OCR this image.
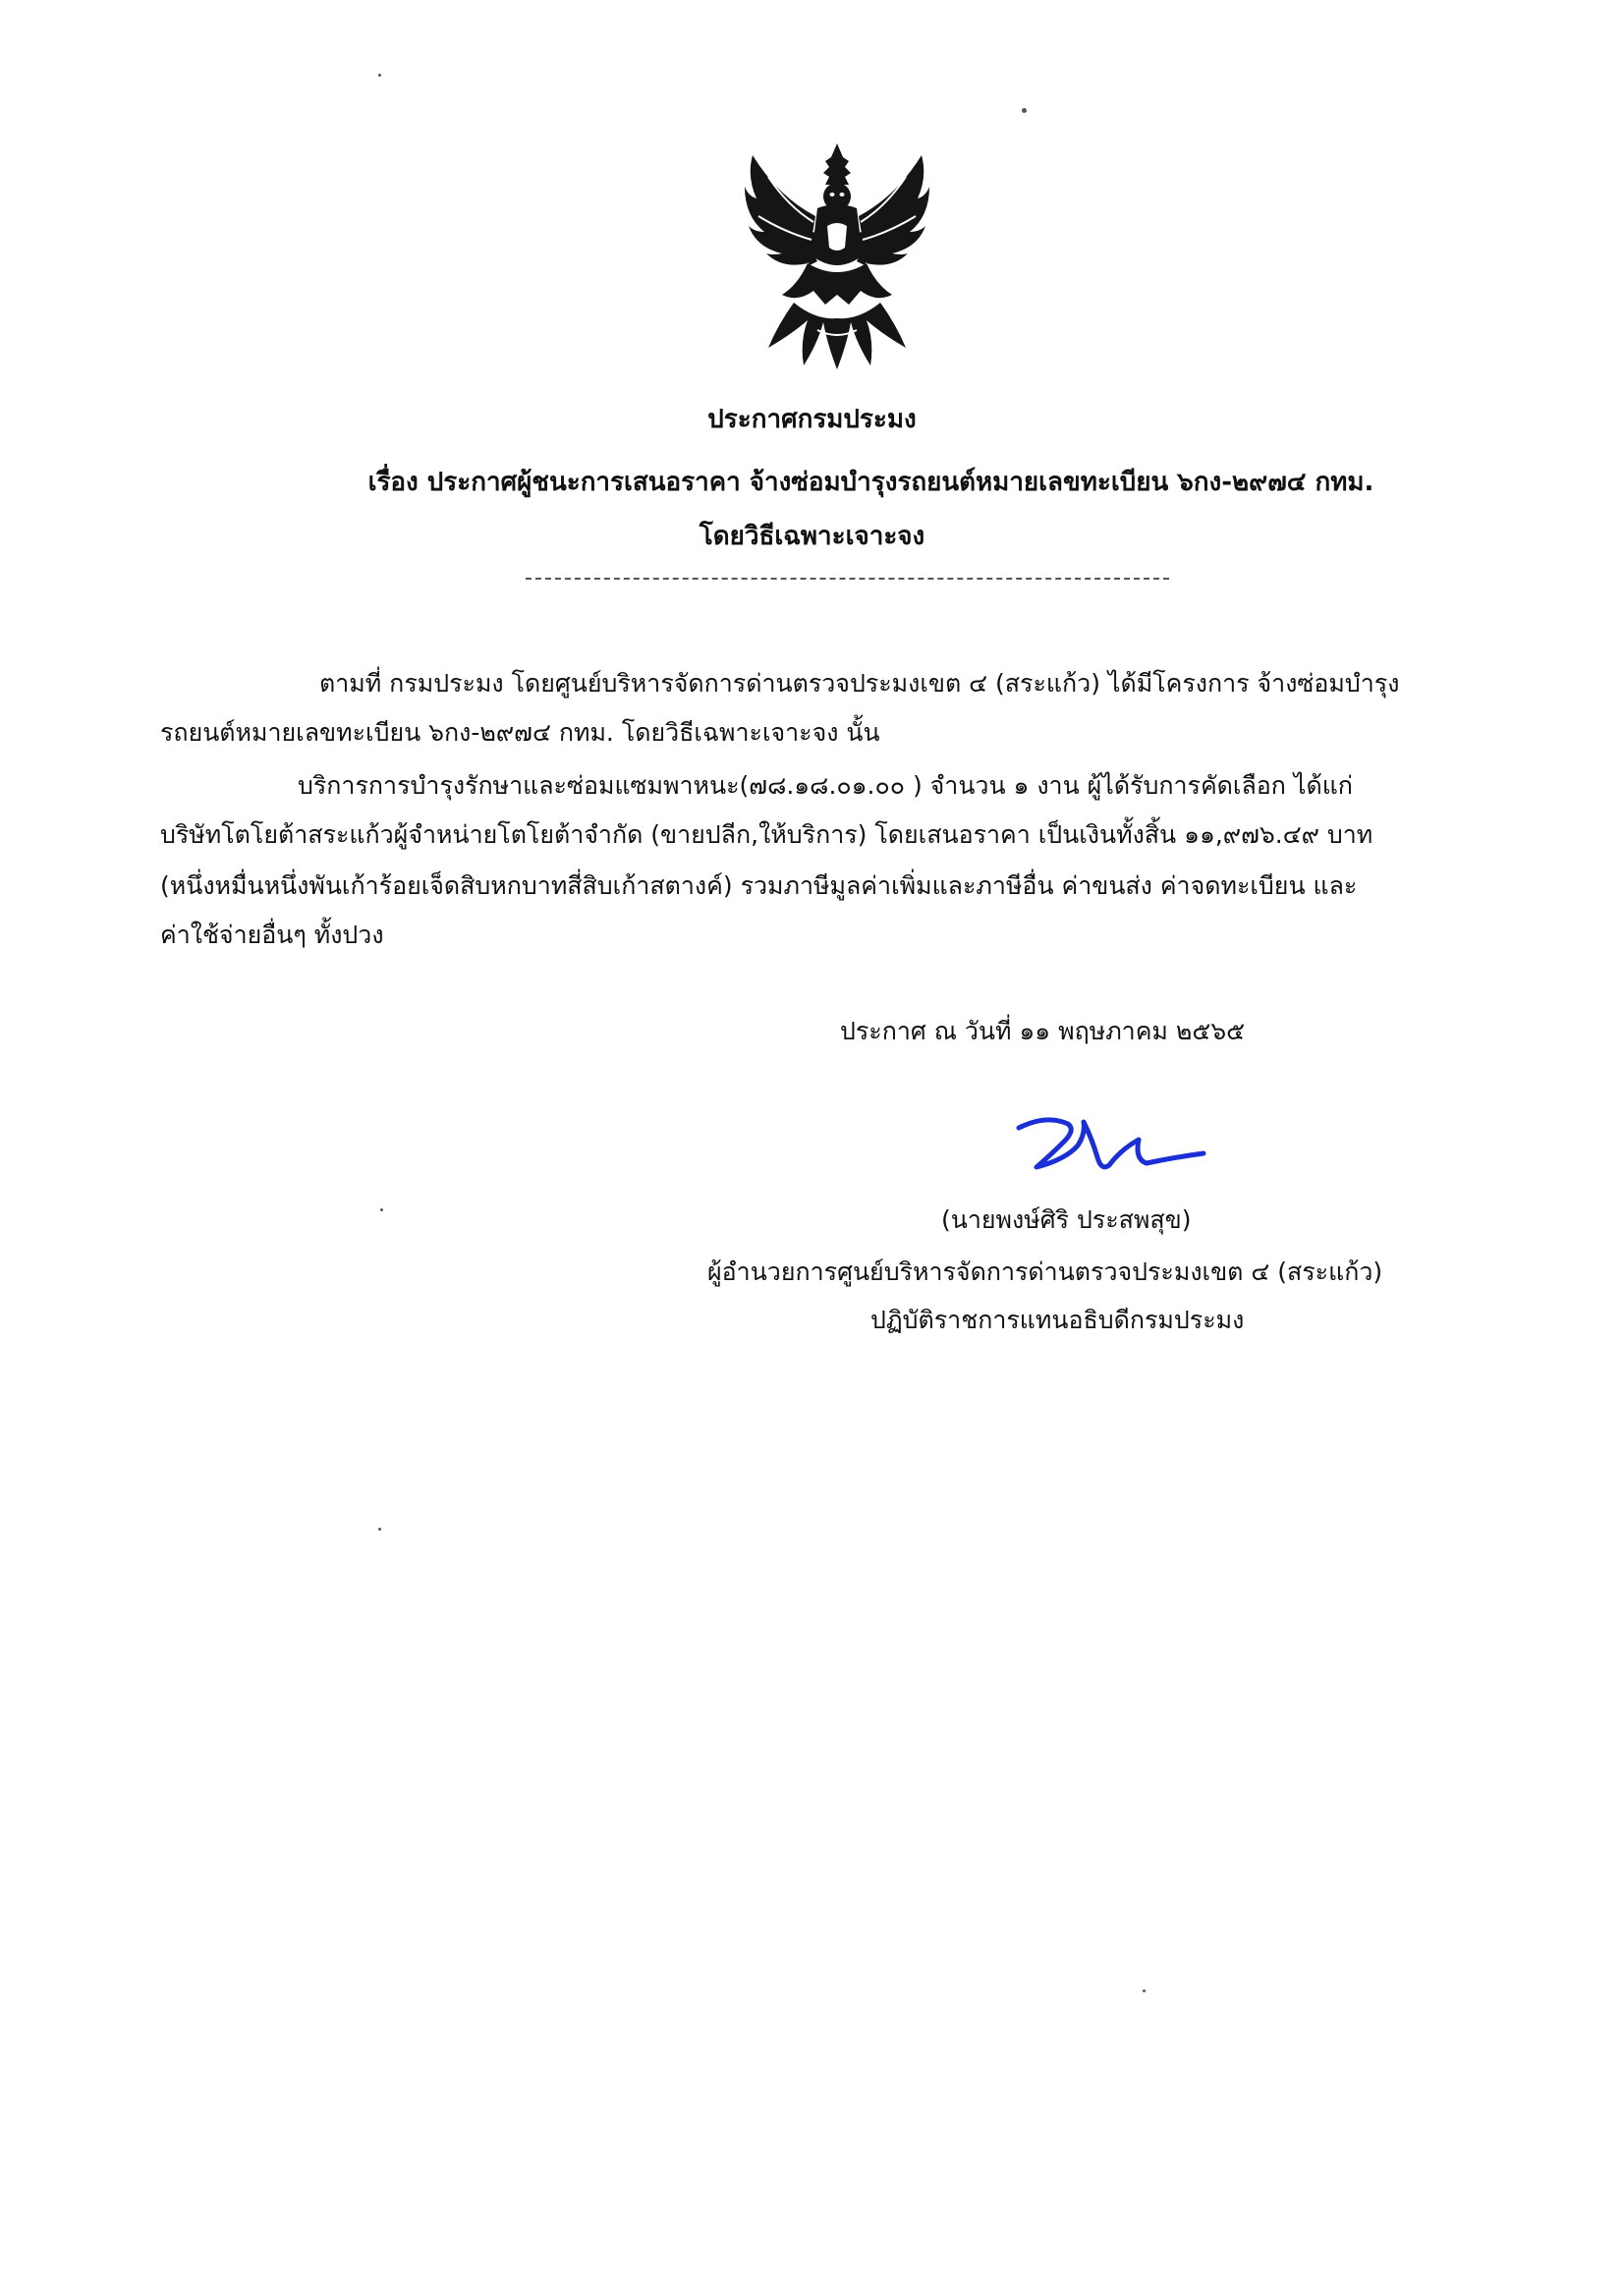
ประกาศกรมประมง
เรื่อง ประกาศผู้ชนะการเสนอราคา จ้างซ่อมบำรุงรถยนต์หมายเลขทะเบียน ๖กง-๒๙๗๔ กทม.
โดยวิธีเฉพาะเจาะจง
ตามที่ กรมประมง โดยศูนย์บริหารจัดการด่านตรวจประมงเขต ๔ (สระแก้ว) ได้มีโครงการ จ้างซ่อมบำรุง
รถยนต์หมายเลขทะเบียน ๖กง-๒๙๗๔ กทม. โดยวิธีเฉพาะเจาะจง นั้น
บริการการบำรุงรักษาและซ่อมแซมพาหนะ(๗๘.๑๘.๐๑.๐๐ ) จำนวน ๑ งาน ผู้ได้รับการคัดเลือก ได้แก่
บริษัทโตโยต้าสระแก้วผู้จำหน่ายโตโยต้าจำกัด (ขายปลีก,ให้บริการ) โดยเสนอราคา เป็นเงินทั้งสิ้น ๑๑,๙๗๖.๔๙ บาท
(หนึ่งหมื่นหนึ่งพันเก้าร้อยเจ็ดสิบหกบาทสี่สิบเก้าสตางค์) รวมภาษีมูลค่าเพิ่มและภาษีอื่น ค่าขนส่ง ค่าจดทะเบียน และ
ค่าใช้จ่ายอื่นๆ ทั้งปวง
ประกาศ ณ วันที่ ๑๑ พฤษภาคม ๒๕๖๕
(นายพงษ์ศิริ ประสพสุข)
ผู้อำนวยการศูนย์บริหารจัดการด่านตรวจประมงเขต ๔ (สระแก้ว)
ปฏิบัติราชการแทนอธิบดีกรมประมง
